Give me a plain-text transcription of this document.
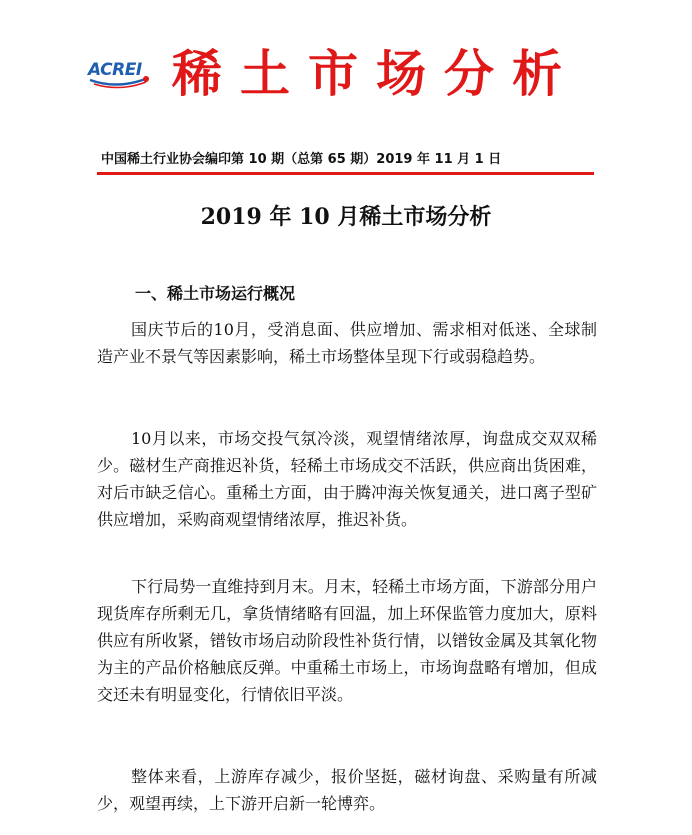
ACREI 稀土市场分析
中国稀土行业协会编印第 10 期（总第 65 期）2019 年 11 月 1 日
2019 年 10 月稀土市场分析
一、稀土市场运行概况

国庆节后的10月，受消息面、供应增加、需求相对低迷、全球制造产业不景气等因素影响，稀土市场整体呈现下行或弱稳趋势。

10月以来，市场交投气氛冷淡，观望情绪浓厚，询盘成交双双稀少。磁材生产商推迟补货，轻稀土市场成交不活跃，供应商出货困难，对后市缺乏信心。重稀土方面，由于腾冲海关恢复通关，进口离子型矿供应增加，采购商观望情绪浓厚，推迟补货。

下行局势一直维持到月末。月末，轻稀土市场方面，下游部分用户现货库存所剩无几，拿货情绪略有回温，加上环保监管力度加大，原料供应有所收紧，镨钕市场启动阶段性补货行情，以镨钕金属及其氧化物为主的产品价格触底反弹。中重稀土市场上，市场询盘略有增加，但成交还未有明显变化，行情依旧平淡。

整体来看，上游库存减少，报价坚挺，磁材询盘、采购量有所减少，观望再续，上下游开启新一轮博弈。
